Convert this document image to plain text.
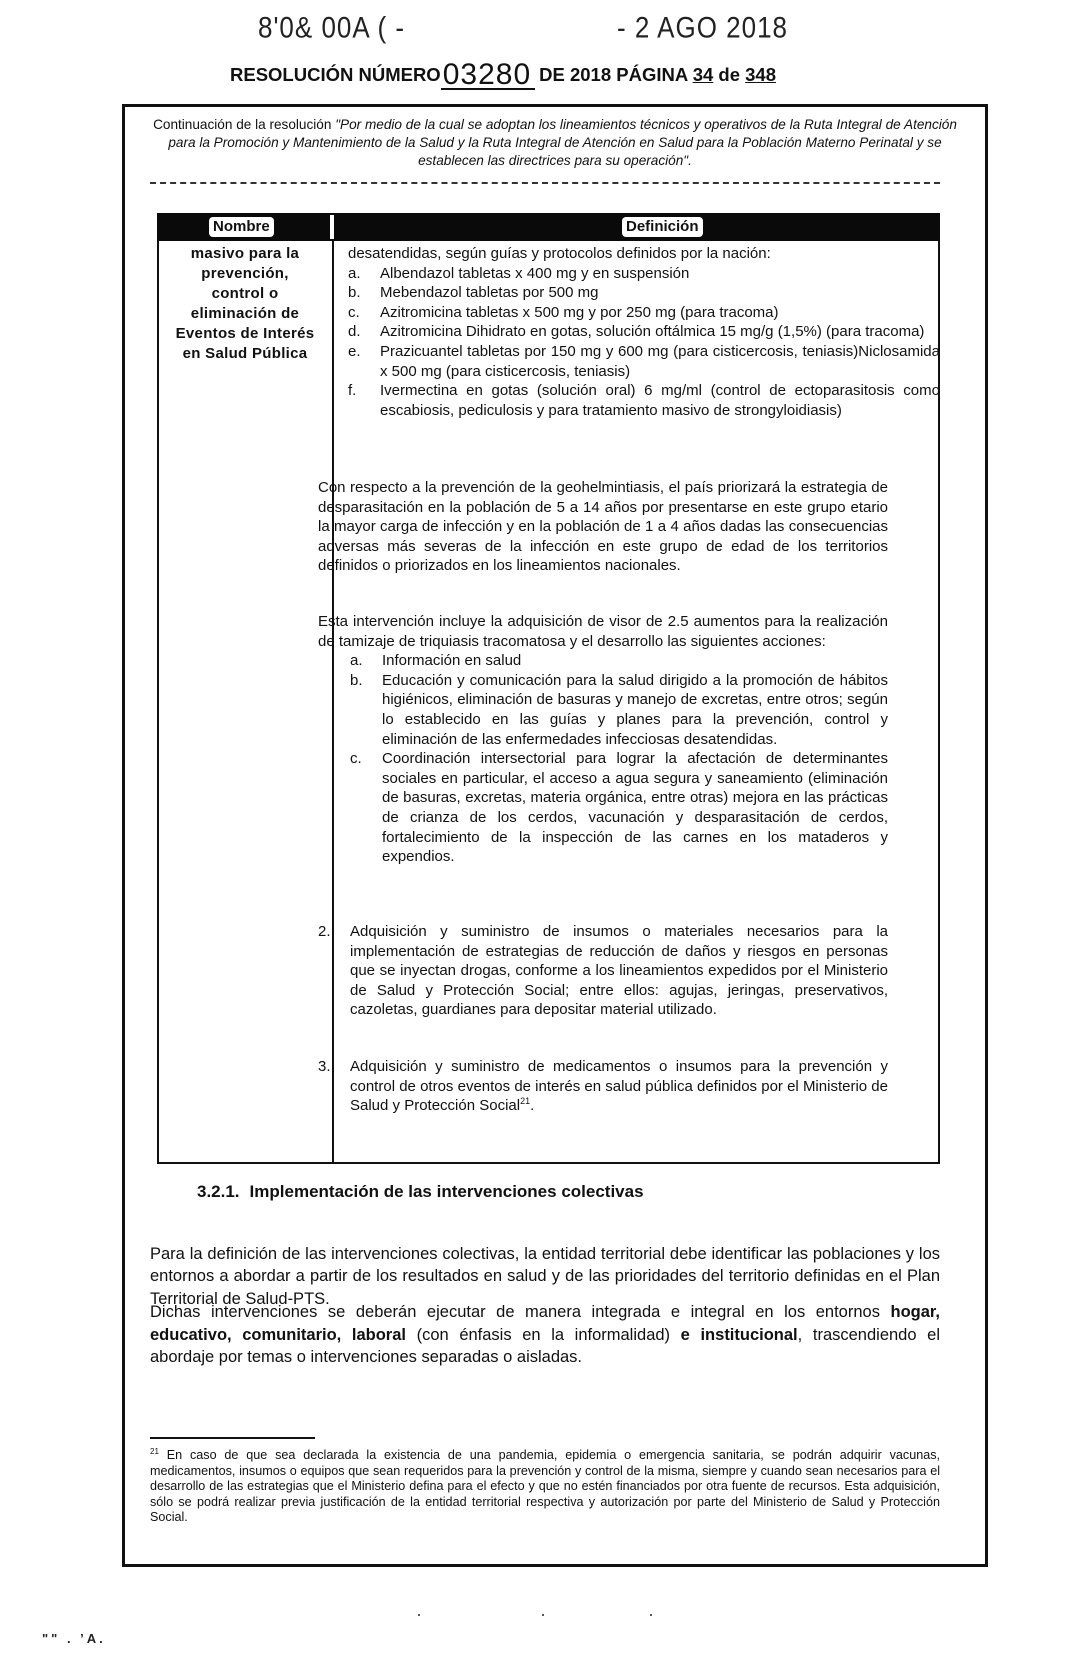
8'0& 00A ( -	- 2 AGO 2018
RESOLUCIÓN NÚMERO03280 DE 2018 PÁGINA 34 de 348
Continuación de la resolución "Por medio de la cual se adoptan los lineamientos técnicos y operativos de la Ruta Integral de Atención para la Promoción y Mantenimiento de la Salud y la Ruta Integral de Atención en Salud para la Población Materno Perinatal y se establecen las directrices para su operación".
Nombre	Definición
masivo para la
prevención,
control o
eliminación de
Eventos de Interés
en Salud Pública

desatendidas, según guías y protocolos definidos por la nación:

a. Albendazol tabletas x 400 mg y en suspensión
b. Mebendazol tabletas por 500 mg
c. Azitromicina tabletas x 500 mg y por 250 mg (para tracoma)
d. Azitromicina Dihidrato en gotas, solución oftálmica 15 mg/g (1,5%) (para tracoma)
e. Prazicuantel tabletas por 150 mg y 600 mg (para cisticercosis, teniasis)Niclosamida x 500 mg (para cisticercosis, teniasis)
f. Ivermectina en gotas (solución oral) 6 mg/ml (control de ectoparasitosis como escabiosis, pediculosis y para tratamiento masivo de strongyloidiasis)

Con respecto a la prevención de la geohelmintiasis, el país priorizará la estrategia de desparasitación en la población de 5 a 14 años por presentarse en este grupo etario la mayor carga de infección y en la población de 1 a 4 años dadas las consecuencias adversas más severas de la infección en este grupo de edad de los territorios definidos o priorizados en los lineamientos nacionales.

Esta intervención incluye la adquisición de visor de 2.5 aumentos para la realización de tamizaje de triquiasis tracomatosa y el desarrollo las siguientes acciones:

a. Información en salud
b. Educación y comunicación para la salud dirigido a la promoción de hábitos higiénicos, eliminación de basuras y manejo de excretas, entre otros; según lo establecido en las guías y planes para la prevención, control y eliminación de las enfermedades infecciosas desatendidas.
c. Coordinación intersectorial para lograr la afectación de determinantes sociales en particular, el acceso a agua segura y saneamiento (eliminación de basuras, excretas, materia orgánica, entre otras) mejora en las prácticas de crianza de los cerdos, vacunación y desparasitación de cerdos, fortalecimiento de la inspección de las carnes en los mataderos y expendios.
2. Adquisición y suministro de insumos o materiales necesarios para la implementación de estrategias de reducción de daños y riesgos en personas que se inyectan drogas, conforme a los lineamientos expedidos por el Ministerio de Salud y Protección Social; entre ellos: agujas, jeringas, preservativos, cazoletas, guardianes para depositar material utilizado.
3. Adquisición y suministro de medicamentos o insumos para la prevención y control de otros eventos de interés en salud pública definidos por el Ministerio de Salud y Protección Social$^{21}$.
3.2.1. Implementación de las intervenciones colectivas

Para la definición de las intervenciones colectivas, la entidad territorial debe identificar las poblaciones y los entornos a abordar a partir de los resultados en salud y de las prioridades del territorio definidas en el Plan Territorial de Salud-PTS.

Dichas intervenciones se deberán ejecutar de manera integrada e integral en los entornos hogar, educativo, comunitario, laboral (con énfasis en la informalidad) e institucional, trascendiendo el abordaje por temas o intervenciones separadas o aisladas.

$^{21}$ En caso de que sea declarada la existencia de una pandemia, epidemia o emergencia sanitaria, se podrán adquirir vacunas, medicamentos, insumos o equipos que sean requeridos para la prevención y control de la misma, siempre y cuando sean necesarios para el desarrollo de las estrategias que el Ministerio defina para el efecto y que no estén financiados por otra fuente de recursos. Esta adquisición, sólo se podrá realizar previa justificación de la entidad territorial respectiva y autorización por parte del Ministerio de Salud y Protección Social.

"" . ’A.
